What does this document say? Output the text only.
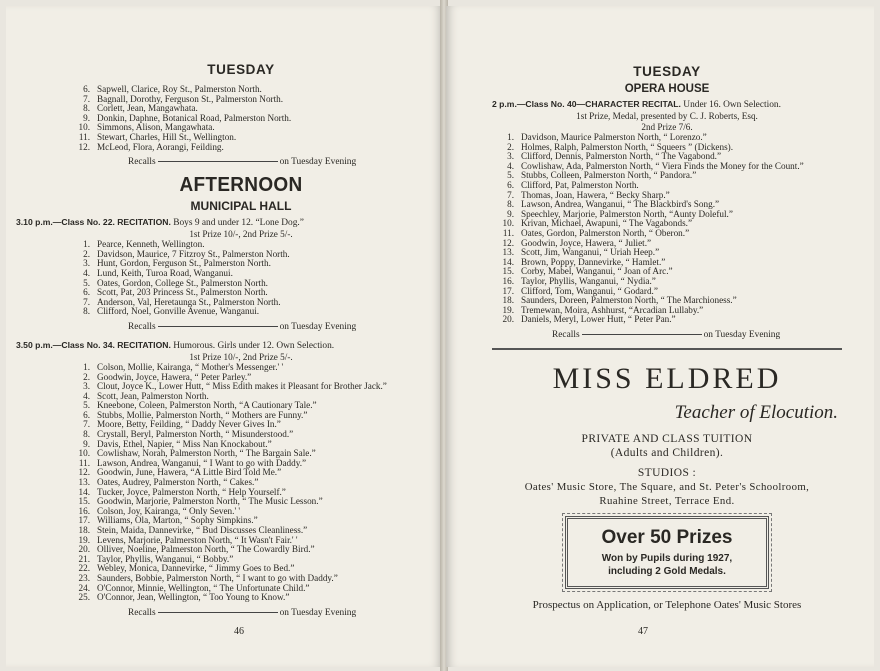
TUESDAY
6. Sapwell, Clarice, Roy St., Palmerston North.
7. Bagnall, Dorothy, Ferguson St., Palmerston North.
8. Corlett, Jean, Mangawhata.
9. Donkin, Daphne, Botanical Road, Palmerston North.
10. Simmons, Alison, Mangawhata.
11. Stewart, Charles, Hill St., Wellington.
12. McLeod, Flora, Aorangi, Feilding.
Recalls	on Tuesday Evening
AFTERNOON
MUNICIPAL HALL

3.10 p.m.—Class No. 22. RECITATION. Boys 9 and under 12. “Lone Dog.”

1st Prize 10/-, 2nd Prize 5/-.
1. Pearce, Kenneth, Wellington.
2. Davidson, Maurice, 7 Fitzroy St., Palmerston North.
3. Hunt, Gordon, Ferguson St., Palmerston North.
4. Lund, Keith, Turoa Road, Wanganui.
5. Oates, Gordon, College St., Palmerston North.
6. Scott, Pat, 203 Princess St., Palmerston North.
7. Anderson, Val, Heretaunga St., Palmerston North.
8. Clifford, Noel, Gonville Avenue, Wanganui.
Recalls	on Tuesday Evening

3.50 p.m.—Class No. 34. RECITATION. Humorous. Girls under 12. Own Selection.

1st Prize 10/-, 2nd Prize 5/-.
1. Colson, Mollie, Kairanga, “ Mother's Messenger.' '
2. Goodwin, Joyce, Hawera, “ Peter Parley.”
3. Clout, Joyce K., Lower Hutt, “ Miss Edith makes it Pleasant for Brother Jack.”
4. Scott, Jean, Palmerston North.
5. Kneebone, Coleen, Palmerston North, “A Cautionary Tale.”
6. Stubbs, Mollie, Palmerston North, “ Mothers are Funny.”
7. Moore, Betty, Feilding, “ Daddy Never Gives In.”
8. Crystall, Beryl, Palmerston North, “ Misunderstood.”
9. Davis, Ethel, Napier, “ Miss Nan Knockabout.”
10. Cowlishaw, Norah, Palmerston North, “ The Bargain Sale.”
11. Lawson, Andrea, Wanganui, “ I Want to go with Daddy.”
12. Goodwin, June, Hawera, “A Little Bird Told Me.”
13. Oates, Audrey, Palmerston North, “ Cakes.”
14. Tucker, Joyce, Palmerston North, “ Help Yourself.”
15. Goodwin, Marjorie, Palmerston North, “ The Music Lesson.”
16. Colson, Joy, Kairanga, “ Only Seven.' '
17. Williams, Ola, Marton, “ Sophy Simpkins.”
18. Stein, Maida, Dannevirke, “ Bud Discusses Cleanliness.”
19. Levens, Marjorie, Palmerston North, “ It Wasn't Fair.' '
20. Olliver, Noeline, Palmerston North, “ The Cowardly Bird.”
21. Taylor, Phyllis, Wanganui, “ Bobby.”
22. Webley, Monica, Dannevirke, “ Jimmy Goes to Bed.”
23. Saunders, Bobbie, Palmerston North, “ I want to go with Daddy.”
24. O'Connor, Minnie, Wellington, “ The Unfortunate Child.”
25. O'Connor, Jean, Wellington, “ Too Young to Know.”
Recalls	on Tuesday Evening
46
TUESDAY
OPERA HOUSE

2 p.m.—Class No. 40—CHARACTER RECITAL. Under 16. Own Selection.

1st Prize, Medal, presented by C. J. Roberts, Esq.
2nd Prize 7/6.
1. Davidson, Maurice Palmerston North, “ Lorenzo.”
2. Holmes, Ralph, Palmerston North, “ Squeers ” (Dickens).
3. Clifford, Dennis, Palmerston North, “ The Vagabond.”
4. Cowlishaw, Ada, Palmerston North, “ Viera Finds the Money for the Count.”
5. Stubbs, Colleen, Palmerston North, “ Pandora.”
6. Clifford, Pat, Palmerston North.
7. Thomas, Joan, Hawera, “ Becky Sharp.”
8. Lawson, Andrea, Wanganui, “ The Blackbird's Song.”
9. Speechley, Marjorie, Palmerston North, “Aunty Doleful.”
10. Krivan, Michael, Awapuni, “ The Vagabonds.”
11. Oates, Gordon, Palmerston North, “ Oberon.”
12. Goodwin, Joyce, Hawera, “ Juliet.”
13. Scott, Jim, Wanganui, “ Uriah Heep.”
14. Brown, Poppy, Dannevirke, “ Hamlet.”
15. Corby, Mabel, Wanganui, “ Joan of Arc.”
16. Taylor, Phyllis, Wanganui, “ Nydia.”
17. Clifford, Tom, Wanganui, “ Godard.”
18. Saunders, Doreen, Palmerston North, “ The Marchioness.”
19. Tremewan, Moira, Ashhurst, “Arcadian Lullaby.”
20. Daniels, Meryl, Lower Hutt, “ Peter Pan.”
Recalls	on Tuesday Evening
MISS ELDRED
Teacher of Elocution.

PRIVATE AND CLASS TUITION

(Adults and Children).

STUDIOS :

Oates' Music Store, The Square, and St. Peter's Schoolroom,

Ruahine Street, Terrace End.

Over 50 Prizes
Won by Pupils during 1927,
including 2 Gold Medals.
Prospectus on Application, or Telephone Oates' Music Stores
47
